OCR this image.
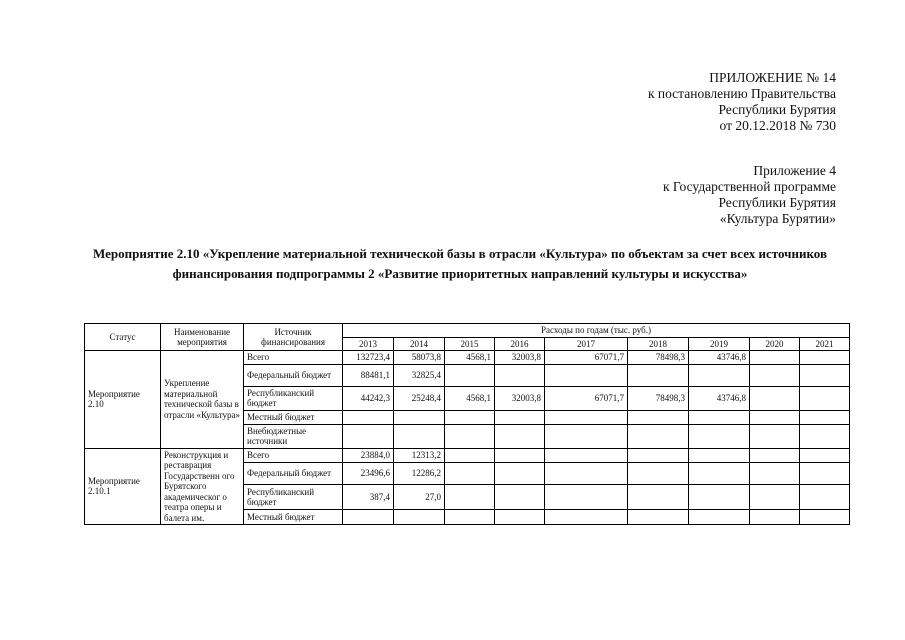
ПРИЛОЖЕНИЕ № 14
к постановлению Правительства
Республики Бурятия
от 20.12.2018 № 730
Приложение 4
к Государственной программе
Республики Бурятия
«Культура Бурятии»
Мероприятие 2.10 «Укрепление материальной технической базы в отрасли «Культура» по объектам за счет всех источников финансирования подпрограммы 2 «Развитие приоритетных направлений культуры и искусства»
Статус	Наименование мероприятия	Источник финансирования	Расходы по годам (тыс. руб.)								
			2013	2014	2015	2016	2017	2018	2019	2020	2021
Мероприятие 2.10	Укрепление материальной технической базы в отрасли «Культура»	Всего	132723,4	58073,8	4568,1	32003,8	67071,7	78498,3	43746,8		
		Федеральный бюджет	88481,1	32825,4							
		Республиканский бюджет	44242,3	25248,4	4568,1	32003,8	67071,7	78498,3	43746,8		
		Местный бюджет									
		Внебюджетные источники									
Мероприятие 2.10.1	Реконструкция и реставрация Государственн ого Бурятского академическог о театра оперы и балета им.	Всего	23884,0	12313,2							
		Федеральный бюджет	23496,6	12286,2							
		Республиканский бюджет	387,4	27,0							
		Местный бюджет									
